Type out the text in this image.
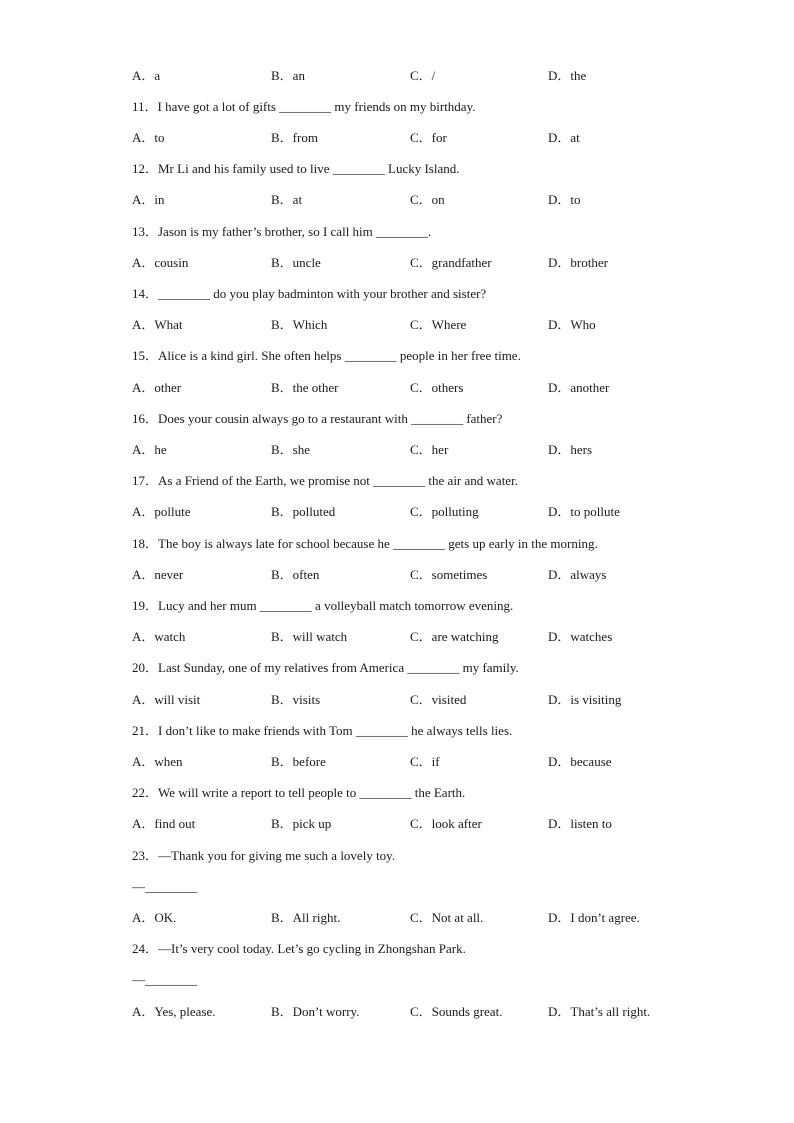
A．a	B．an	C．/	D．the
11．I have got a lot of gifts ________ my friends on my birthday.
A．to	B．from	C．for	D．at
12．Mr Li and his family used to live ________ Lucky Island.
A．in	B．at	C．on	D．to
13．Jason is my father’s brother, so I call him ________.
A．cousin	B．uncle	C．grandfather	D．brother
14．________ do you play badminton with your brother and sister?
A．What	B．Which	C．Where	D．Who
15．Alice is a kind girl. She often helps ________ people in her free time.
A．other	B．the other	C．others	D．another
16．Does your cousin always go to a restaurant with ________ father?
A．he	B．she	C．her	D．hers
17．As a Friend of the Earth, we promise not ________ the air and water.
A．pollute	B．polluted	C．polluting	D．to pollute
18．The boy is always late for school because he ________ gets up early in the morning.
A．never	B．often	C．sometimes	D．always
19．Lucy and her mum ________ a volleyball match tomorrow evening.
A．watch	B．will watch	C．are watching	D．watches
20．Last Sunday, one of my relatives from America ________ my family.
A．will visit	B．visits	C．visited	D．is visiting
21．I don’t like to make friends with Tom ________ he always tells lies.
A．when	B．before	C．if	D．because
22．We will write a report to tell people to ________ the Earth.
A．find out	B．pick up	C．look after	D．listen to
23．—Thank you for giving me such a lovely toy.
—________
A．OK.	B．All right.	C．Not at all.	D．I don’t agree.
24．—It’s very cool today. Let’s go cycling in Zhongshan Park.
—________
A．Yes, please.	B．Don’t worry.	C．Sounds great.	D．That’s all right.
